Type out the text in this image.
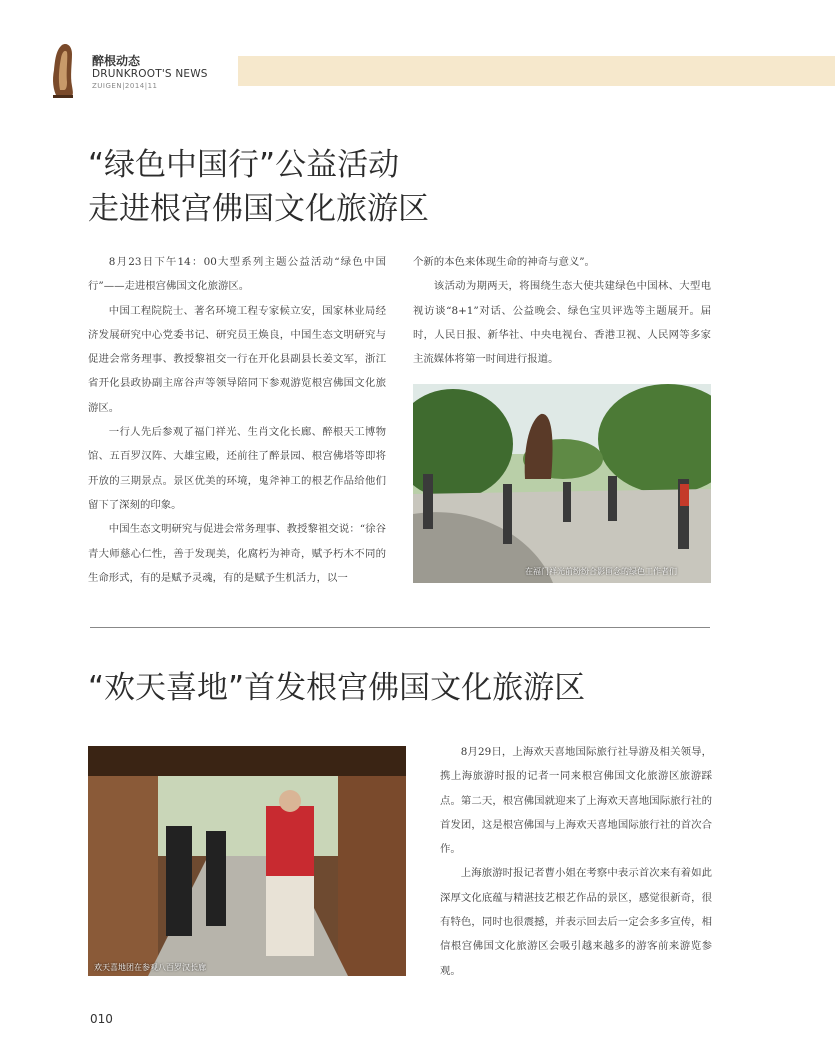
醉根动态
DRUNKROOT'S NEWS
ZUIGEN|2014|11
“绿色中国行”公益活动
走进根宫佛国文化旅游区

8月23日下午14：00大型系列主题公益活动“绿色中国行”——走进根宫佛国文化旅游区。

中国工程院院士、著名环境工程专家候立安，国家林业局经济发展研究中心党委书记、研究员王焕良，中国生态文明研究与促进会常务理事、教授黎祖交一行在开化县副县长姜文军，浙江省开化县政协副主席谷声等领导陪同下参观游览根宫佛国文化旅游区。

一行人先后参观了福门祥光、生肖文化长廊、醉根天工博物馆、五百罗汉阵、大雄宝殿，还前往了醉景园、根宫佛塔等即将开放的三期景点。景区优美的环境，鬼斧神工的根艺作品给他们留下了深刻的印象。

中国生态文明研究与促进会常务理事、教授黎祖交说：“徐谷青大师慈心仁性，善于发现美，化腐朽为神奇，赋予朽木不同的生命形式，有的是赋予灵魂，有的是赋予生机活力，以一

个新的本色来体现生命的神奇与意义”。

该活动为期两天，将围绕生态大使共建绿色中国林、大型电视访谈“8+1”对话、公益晚会、绿色宝贝评选等主题展开。届时，人民日报、新华社、中央电视台、香港卫视、人民网等多家主流媒体将第一时间进行报道。

在福门祥光前纷纷合影留念的绿色工作者们
“欢天喜地”首发根宫佛国文化旅游区
欢天喜地团在参观八百罗汉长廊

8月29日，上海欢天喜地国际旅行社导游及相关领导，携上海旅游时报的记者一同来根宫佛国文化旅游区旅游踩点。第二天，根宫佛国就迎来了上海欢天喜地国际旅行社的首发团，这是根宫佛国与上海欢天喜地国际旅行社的首次合作。

上海旅游时报记者曹小姐在考察中表示首次来有着如此深厚文化底蕴与精湛技艺根艺作品的景区，感觉很新奇，很有特色，同时也很震撼，并表示回去后一定会多多宣传，相信根宫佛国文化旅游区会吸引越来越多的游客前来游览参观。

010
